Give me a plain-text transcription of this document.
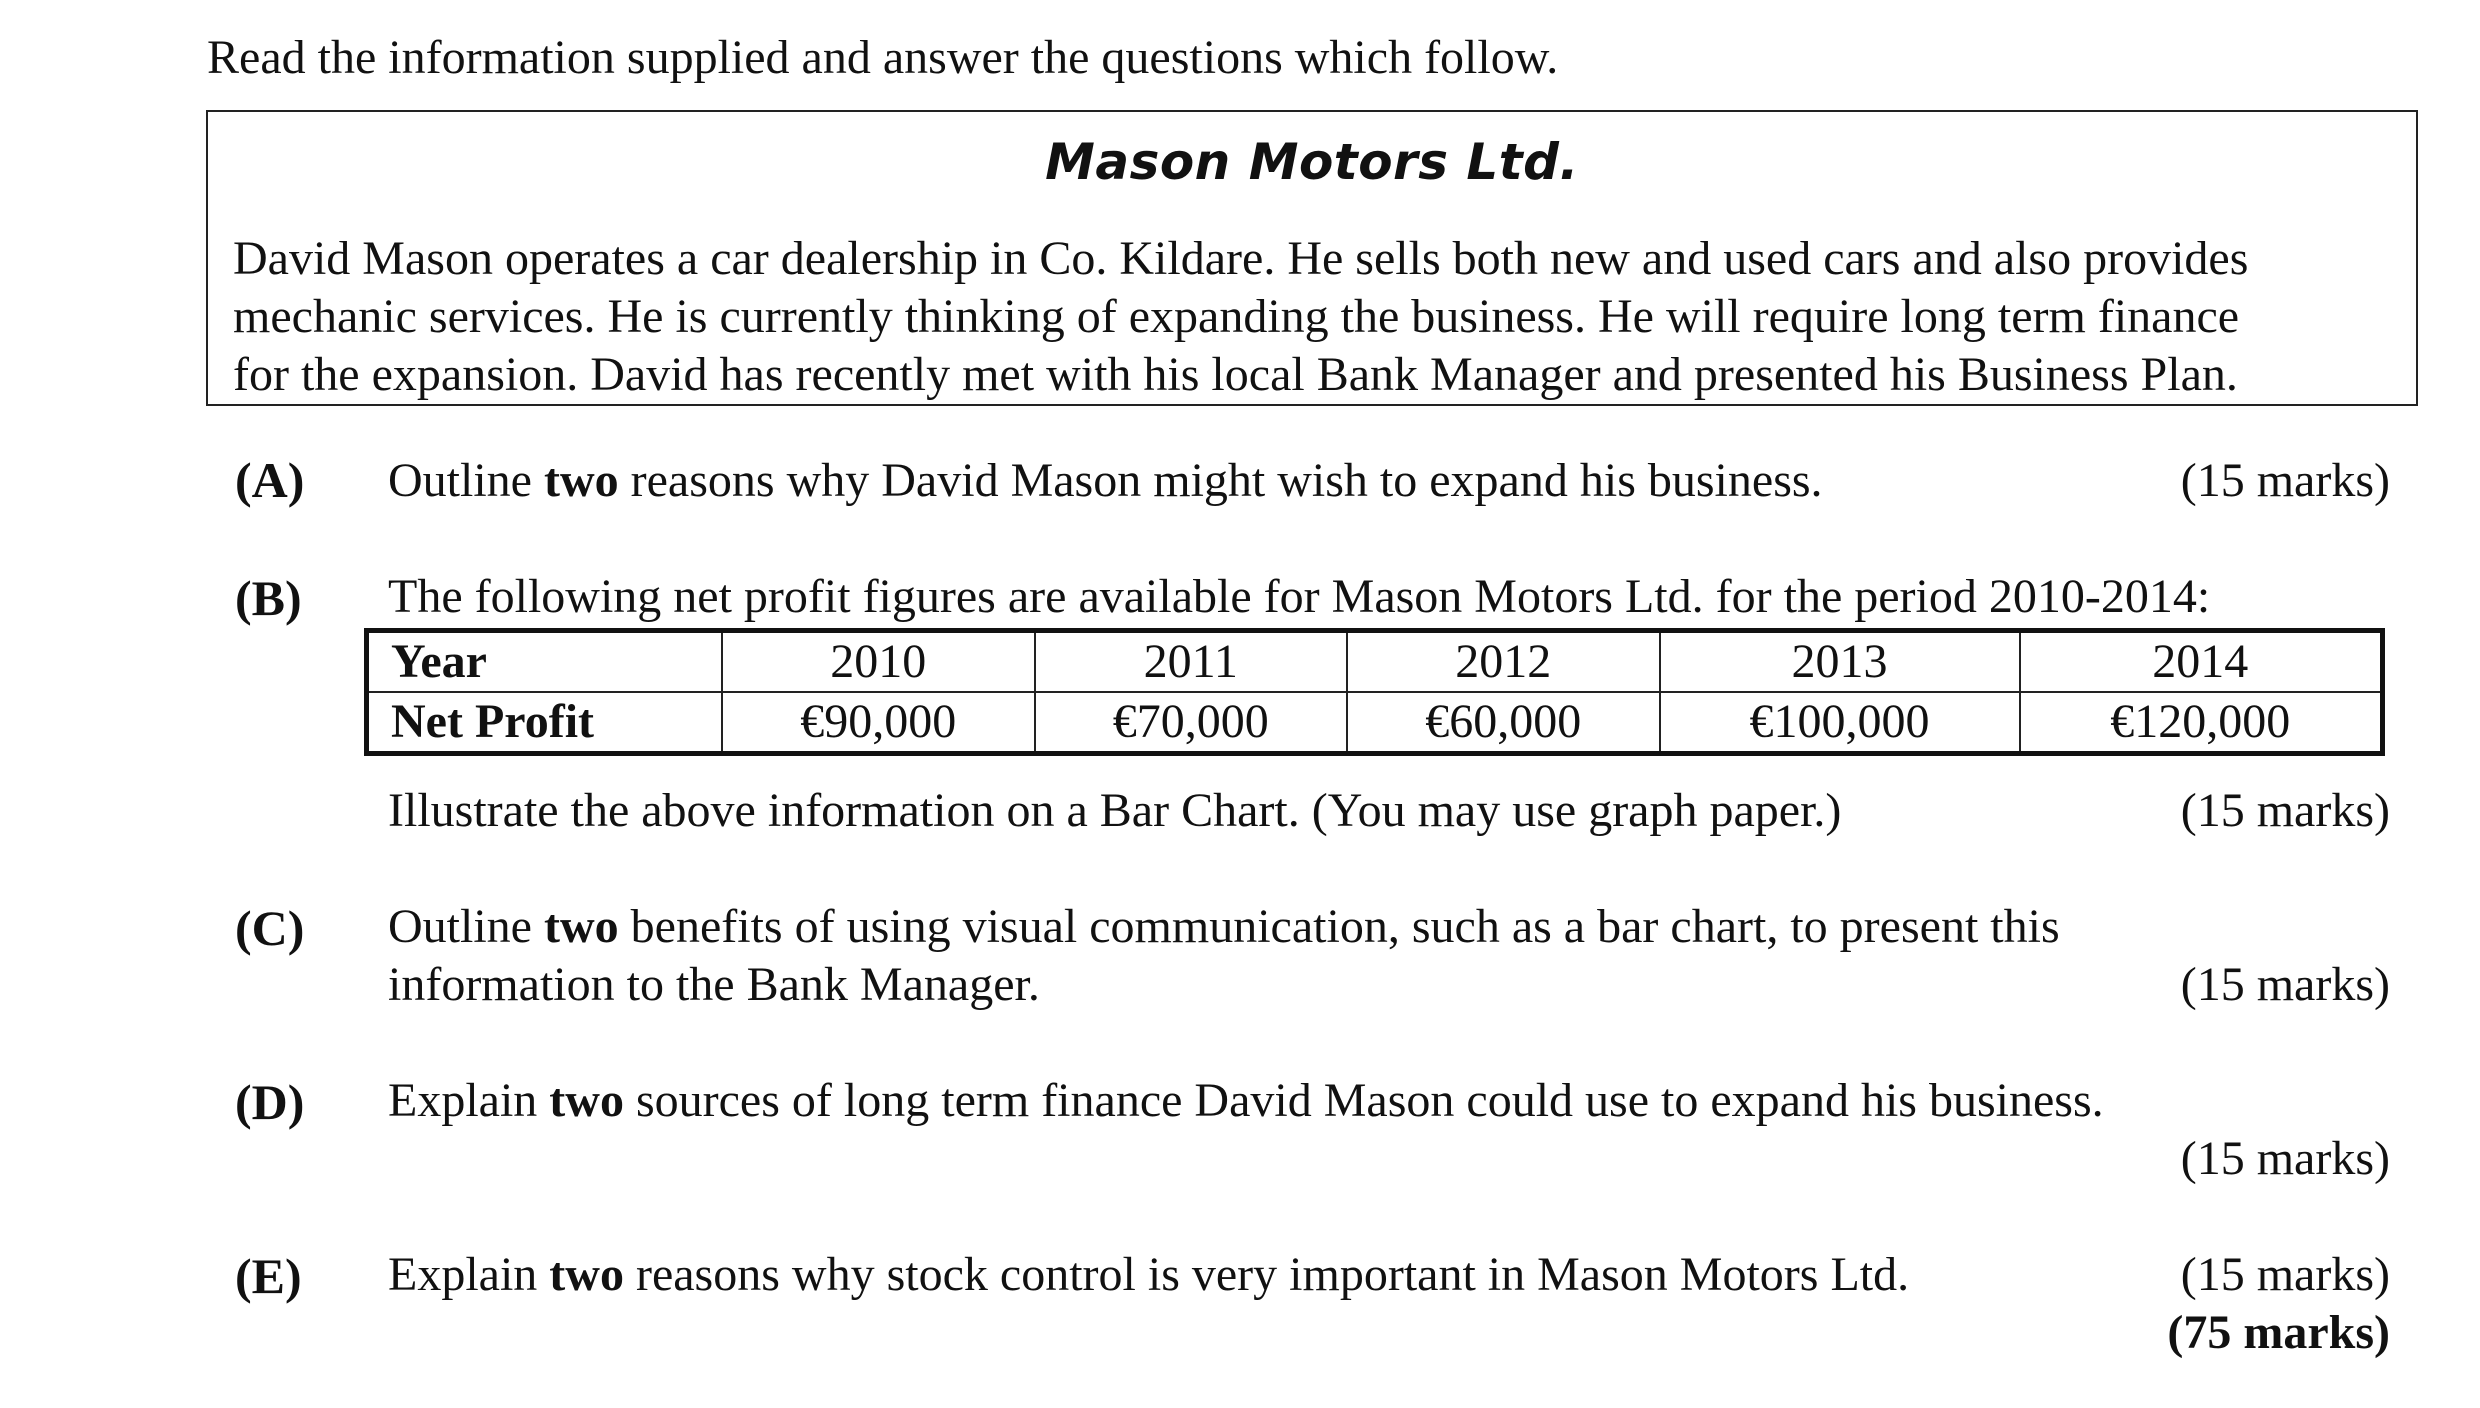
Read the information supplied and answer the questions which follow.
Mason Motors Ltd.
David Mason operates a car dealership in Co. Kildare. He sells both new and used cars and also provides
mechanic services. He is currently thinking of expanding the business. He will require long term finance
for the expansion. David has recently met with his local Bank Manager and presented his Business Plan.
(A) Outline two reasons why David Mason might wish to expand his business.	(15 marks)
(B) The following net profit figures are available for Mason Motors Ltd. for the period 2010-2014:
Year	2010	2011	2012	2013	2014
Net Profit	€90,000	€70,000	€60,000	€100,000	€120,000
Illustrate the above information on a Bar Chart. (You may use graph paper.)	(15 marks)
(C) Outline two benefits of using visual communication, such as a bar chart, to present this
information to the Bank Manager.	(15 marks)
(D) Explain two sources of long term finance David Mason could use to expand his business.
(15 marks)
(E) Explain two reasons why stock control is very important in Mason Motors Ltd.	(15 marks)
(75 marks)
